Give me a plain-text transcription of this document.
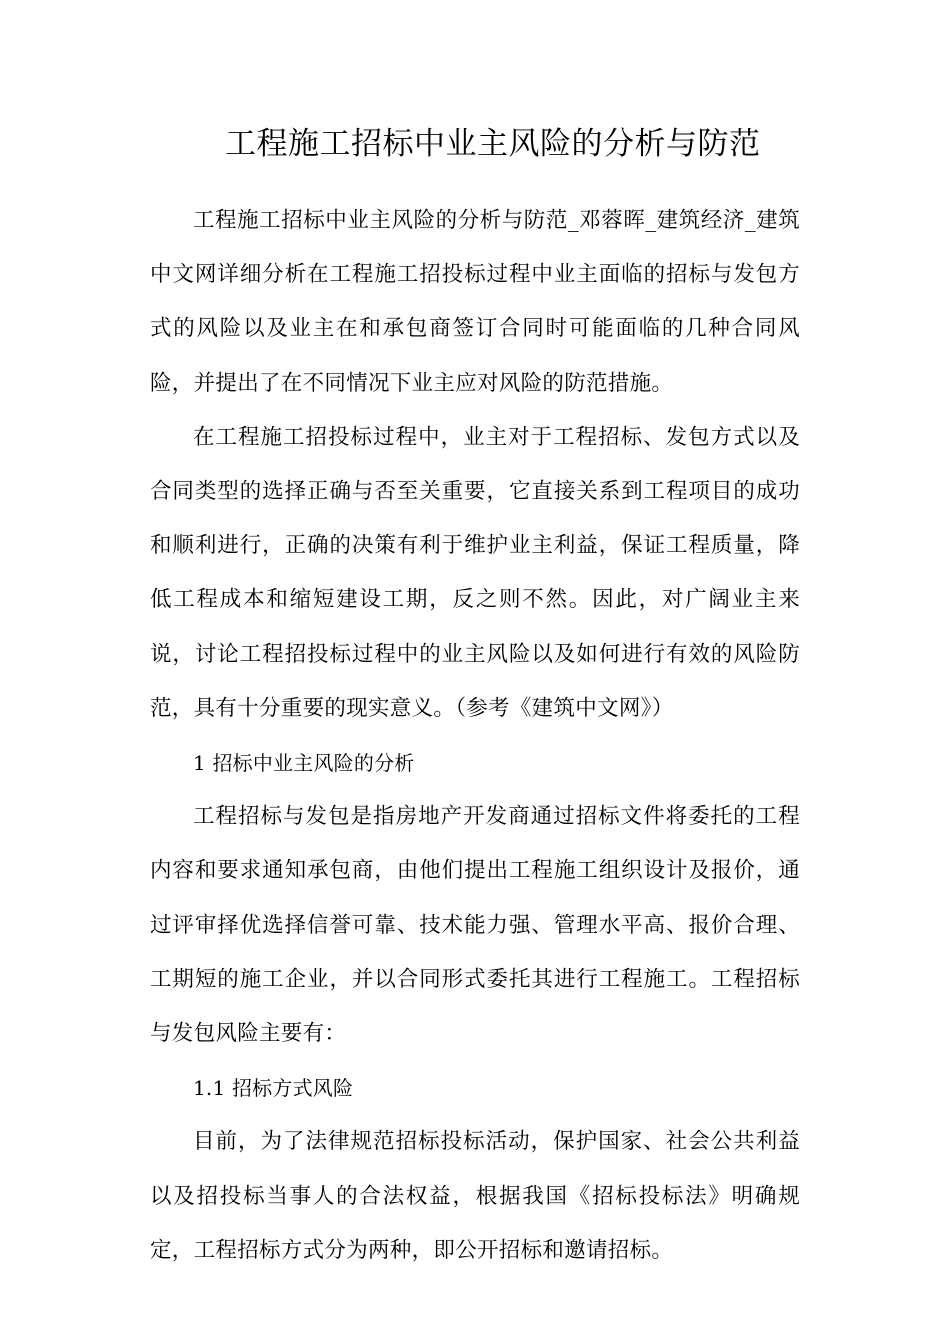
工程施工招标中业主风险的分析与防范

工程施工招标中业主风险的分析与防范_邓蓉晖_建筑经济_建筑中文网详细分析在工程施工招投标过程中业主面临的招标与发包方式的风险以及业主在和承包商签订合同时可能面临的几种合同风险，并提出了在不同情况下业主应对风险的防范措施。

在工程施工招投标过程中，业主对于工程招标、发包方式以及合同类型的选择正确与否至关重要，它直接关系到工程项目的成功和顺利进行，正确的决策有利于维护业主利益，保证工程质量，降低工程成本和缩短建设工期，反之则不然。因此，对广阔业主来说，讨论工程招投标过程中的业主风险以及如何进行有效的风险防范，具有十分重要的现实意义。（参考《建筑中文网》）

1 招标中业主风险的分析

工程招标与发包是指房地产开发商通过招标文件将委托的工程内容和要求通知承包商，由他们提出工程施工组织设计及报价，通过评审择优选择信誉可靠、技术能力强、管理水平高、报价合理、工期短的施工企业，并以合同形式委托其进行工程施工。工程招标与发包风险主要有：

1.1 招标方式风险

目前，为了法律规范招标投标活动，保护国家、社会公共利益以及招投标当事人的合法权益，根据我国《招标投标法》明确规定，工程招标方式分为两种，即公开招标和邀请招标。
